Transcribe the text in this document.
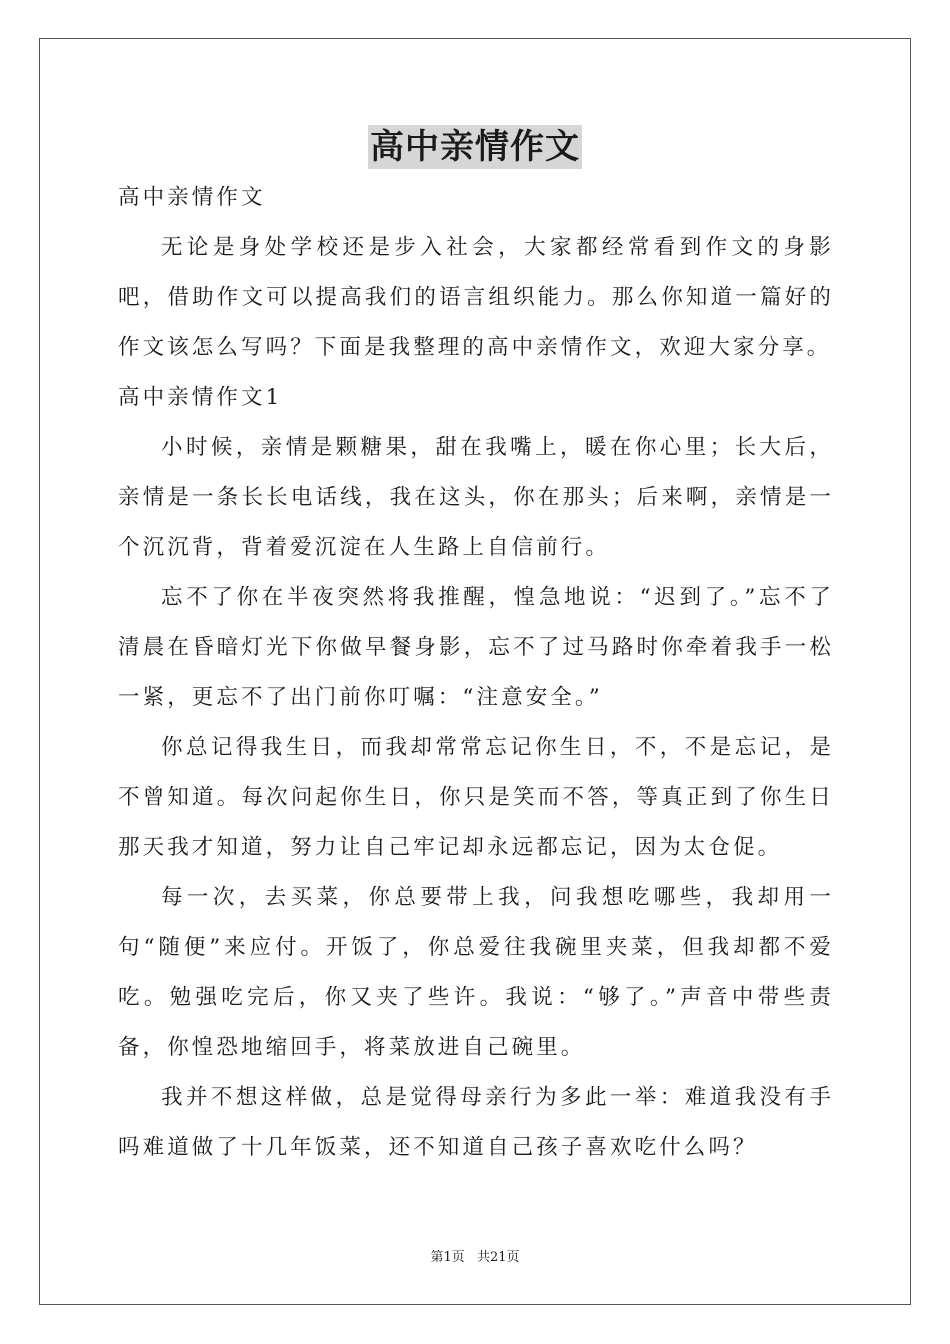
高中亲情作文

高中亲情作文

无论是身处学校还是步入社会，大家都经常看到作文的身影吧，借助作文可以提高我们的语言组织能力。那么你知道一篇好的作文该怎么写吗？下面是我整理的高中亲情作文，欢迎大家分享。

高中亲情作文1

小时候，亲情是颗糖果，甜在我嘴上，暖在你心里；长大后，亲情是一条长长电话线，我在这头，你在那头；后来啊，亲情是一个沉沉背，背着爱沉淀在人生路上自信前行。

忘不了你在半夜突然将我推醒，惶急地说：“迟到了。”忘不了清晨在昏暗灯光下你做早餐身影，忘不了过马路时你牵着我手一松一紧，更忘不了出门前你叮嘱：“注意安全。”

你总记得我生日，而我却常常忘记你生日，不，不是忘记，是不曾知道。每次问起你生日，你只是笑而不答，等真正到了你生日那天我才知道，努力让自己牢记却永远都忘记，因为太仓促。

每一次，去买菜，你总要带上我，问我想吃哪些，我却用一句“随便”来应付。开饭了，你总爱往我碗里夹菜，但我却都不爱吃。勉强吃完后，你又夹了些许。我说：“够了。”声音中带些责备，你惶恐地缩回手，将菜放进自己碗里。

我并不想这样做，总是觉得母亲行为多此一举：难道我没有手吗难道做了十几年饭菜，还不知道自己孩子喜欢吃什么吗？

第1页 共21页
